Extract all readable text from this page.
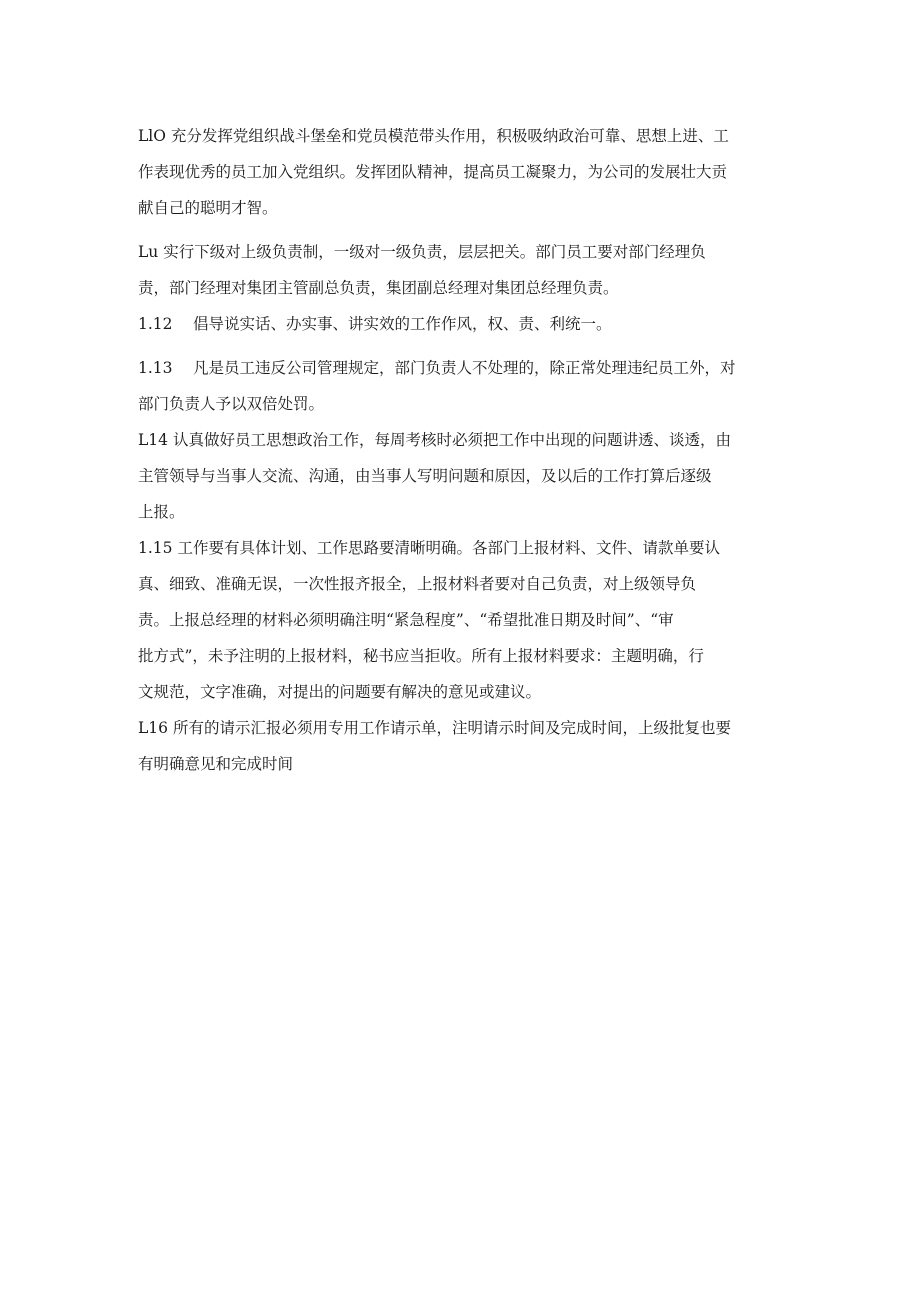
LlO 充分发挥党组织战斗堡垒和党员模范带头作用，积极吸纳政治可靠、思想上进、工
作表现优秀的员工加入党组织。发挥团队精神，提高员工凝聚力，为公司的发展壮大贡
献自己的聪明才智。

Lu 实行下级对上级负责制，一级对一级负责，层层把关。部门员工要对部门经理负
责，部门经理对集团主管副总负责，集团副总经理对集团总经理负责。

1.12　 倡导说实话、办实事、讲实效的工作作风，权、责、利统一。

1.13　 凡是员工违反公司管理规定，部门负责人不处理的，除正常处理违纪员工外，对
部门负责人予以双倍处罚。

L14 认真做好员工思想政治工作，每周考核时必须把工作中出现的问题讲透、谈透，由
主管领导与当事人交流、沟通，由当事人写明问题和原因，及以后的工作打算后逐级
上报。

1.15 工作要有具体计划、工作思路要清晰明确。各部门上报材料、文件、请款单要认
真、细致、准确无误，一次性报齐报全，上报材料者要对自己负责，对上级领导负
责。上报总经理的材料必须明确注明“紧急程度”、“希望批准日期及时间”、“审
批方式”，未予注明的上报材料，秘书应当拒收。所有上报材料要求：主题明确，行
文规范，文字准确，对提出的问题要有解决的意见或建议。

L16 所有的请示汇报必须用专用工作请示单，注明请示时间及完成时间，上级批复也要
有明确意见和完成时间
